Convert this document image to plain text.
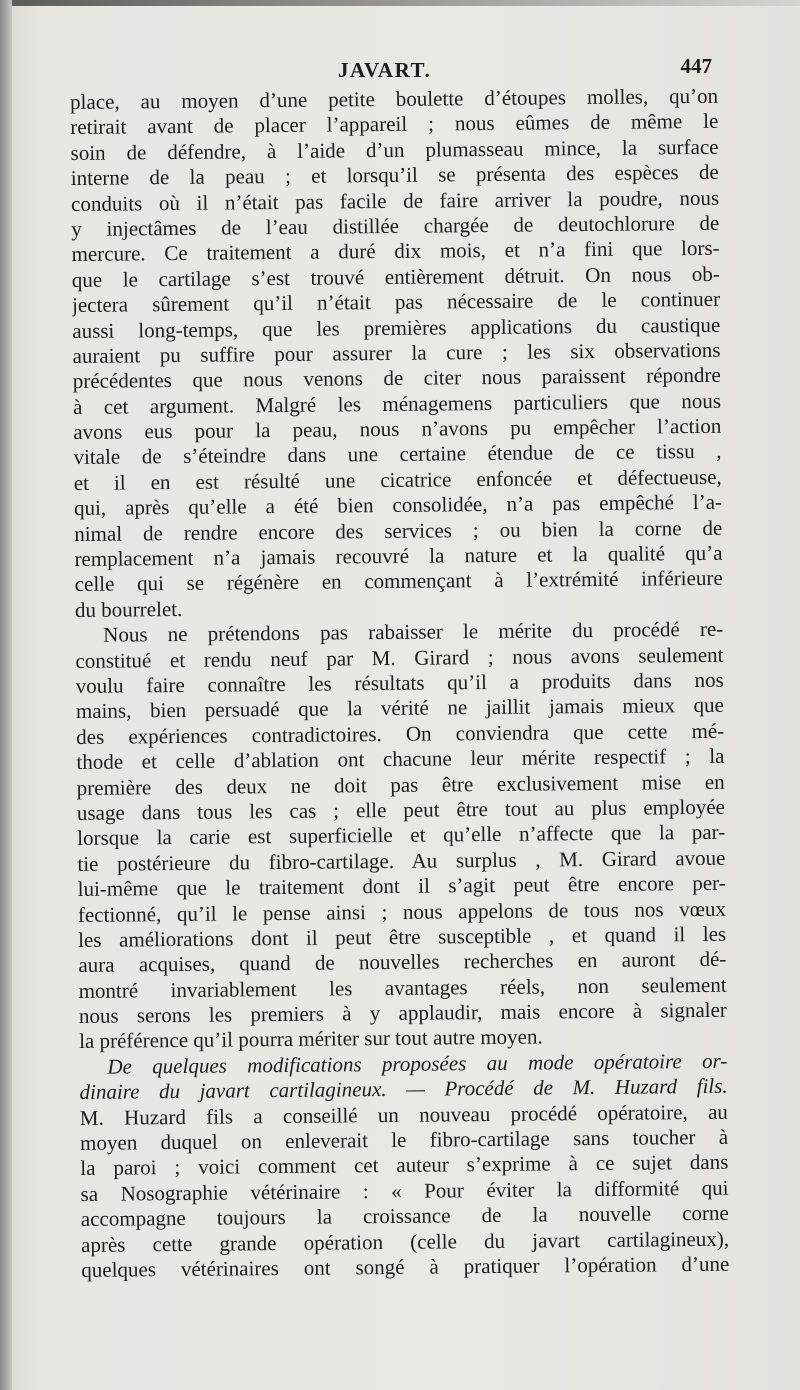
JAVART.	447
place, au moyen d’une petite boulette d’étoupes molles, qu’on
retirait avant de placer l’appareil ; nous eûmes de même le
soin de défendre, à l’aide d’un plumasseau mince, la surface
interne de la peau ; et lorsqu’il se présenta des espèces de
conduits où il n’était pas facile de faire arriver la poudre, nous
y injectâmes de l’eau distillée chargée de deutochlorure de
mercure. Ce traitement a duré dix mois, et n’a fini que lors-
que le cartilage s’est trouvé entièrement détruit. On nous ob-
jectera sûrement qu’il n’était pas nécessaire de le continuer
aussi long-temps, que les premières applications du caustique
auraient pu suffire pour assurer la cure ; les six observations
précédentes que nous venons de citer nous paraissent répondre
à cet argument. Malgré les ménagemens particuliers que nous
avons eus pour la peau, nous n’avons pu empêcher l’action
vitale de s’éteindre dans une certaine étendue de ce tissu ,
et il en est résulté une cicatrice enfoncée et défectueuse,
qui, après qu’elle a été bien consolidée, n’a pas empêché l’a-
nimal de rendre encore des services ; ou bien la corne de
remplacement n’a jamais recouvré la nature et la qualité qu’a
celle qui se régénère en commençant à l’extrémité inférieure
du bourrelet.
Nous ne prétendons pas rabaisser le mérite du procédé re-
constitué et rendu neuf par M. Girard ; nous avons seulement
voulu faire connaître les résultats qu’il a produits dans nos
mains, bien persuadé que la vérité ne jaillit jamais mieux que
des expériences contradictoires. On conviendra que cette mé-
thode et celle d’ablation ont chacune leur mérite respectif ; la
première des deux ne doit pas être exclusivement mise en
usage dans tous les cas ; elle peut être tout au plus employée
lorsque la carie est superficielle et qu’elle n’affecte que la par-
tie postérieure du fibro-cartilage. Au surplus , M. Girard avoue
lui-même que le traitement dont il s’agit peut être encore per-
fectionné, qu’il le pense ainsi ; nous appelons de tous nos vœux
les améliorations dont il peut être susceptible , et quand il les
aura acquises, quand de nouvelles recherches en auront dé-
montré invariablement les avantages réels, non seulement
nous serons les premiers à y applaudir, mais encore à signaler
la préférence qu’il pourra mériter sur tout autre moyen.
De quelques modifications proposées au mode opératoire or-
dinaire du javart cartilagineux. — Procédé de M. Huzard fils.
M. Huzard fils a conseillé un nouveau procédé opératoire, au
moyen duquel on enleverait le fibro-cartilage sans toucher à
la paroi ; voici comment cet auteur s’exprime à ce sujet dans
sa Nosographie vétérinaire : « Pour éviter la difformité qui
accompagne toujours la croissance de la nouvelle corne
après cette grande opération (celle du javart cartilagineux),
quelques vétérinaires ont songé à pratiquer l’opération d’une
